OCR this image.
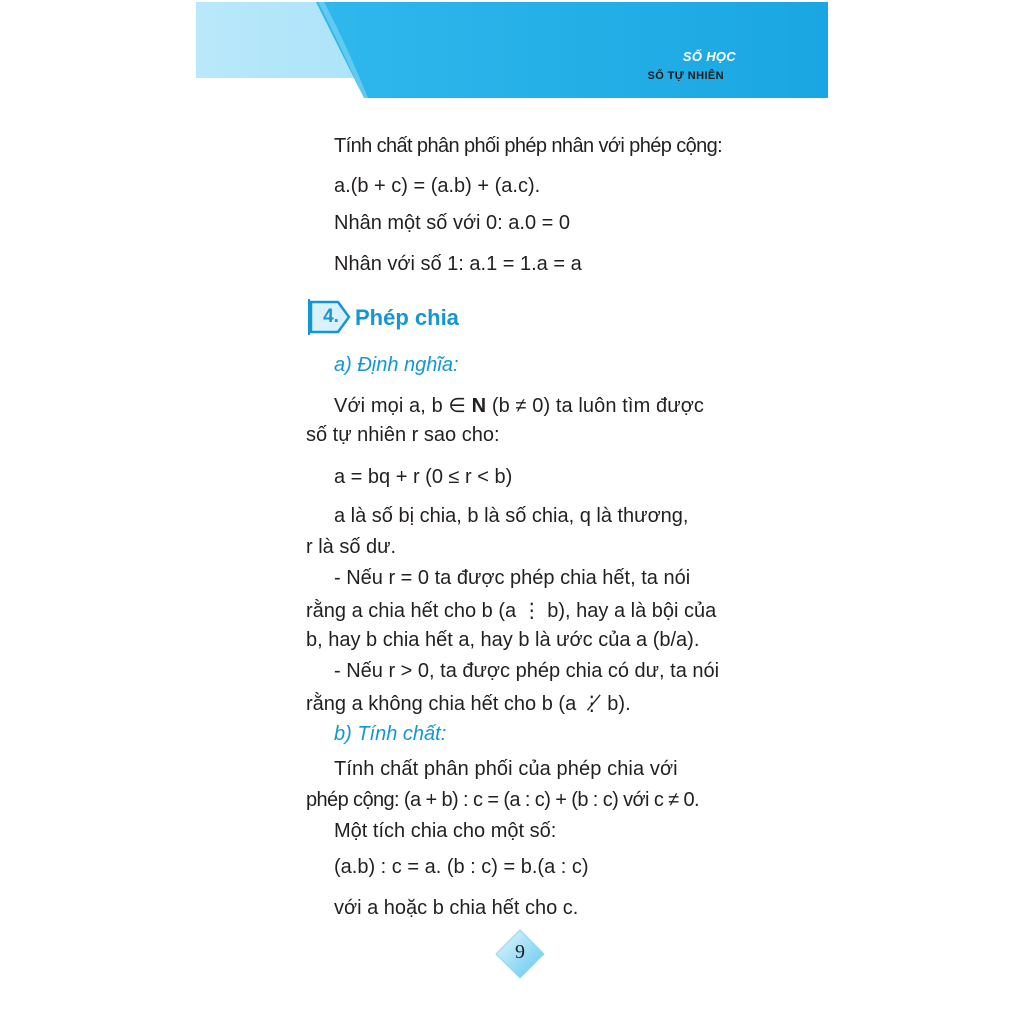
SỐ HỌC
SỐ TỰ NHIÊN
Tính chất phân phối phép nhân với phép cộng:
a.(b + c) = (a.b) + (a.c).
Nhân một số với 0: a.0 = 0
Nhân với số 1: a.1 = 1.a = a
4. Phép chia
a) Định nghĩa:
Với mọi a, b ∈ N (b ≠ 0) ta luôn tìm được
số tự nhiên r sao cho:
a = bq + r (0 ≤ r < b)
a là số bị chia, b là số chia, q là thương,
r là số dư.
- Nếu r = 0 ta được phép chia hết, ta nói
rằng a chia hết cho b (a ⋮ b), hay a là bội của
b, hay b chia hết a, hay b là ước của a (b/a).
- Nếu r > 0, ta được phép chia có dư, ta nói
rằng a không chia hết cho b (a ⋮̸ b).
b) Tính chất:
Tính chất phân phối của phép chia với
phép cộng: (a + b) : c = (a : c) + (b : c) với c ≠ 0.
Một tích chia cho một số:
(a.b) : c = a. (b : c) = b.(a : c)
với a hoặc b chia hết cho c.
9
